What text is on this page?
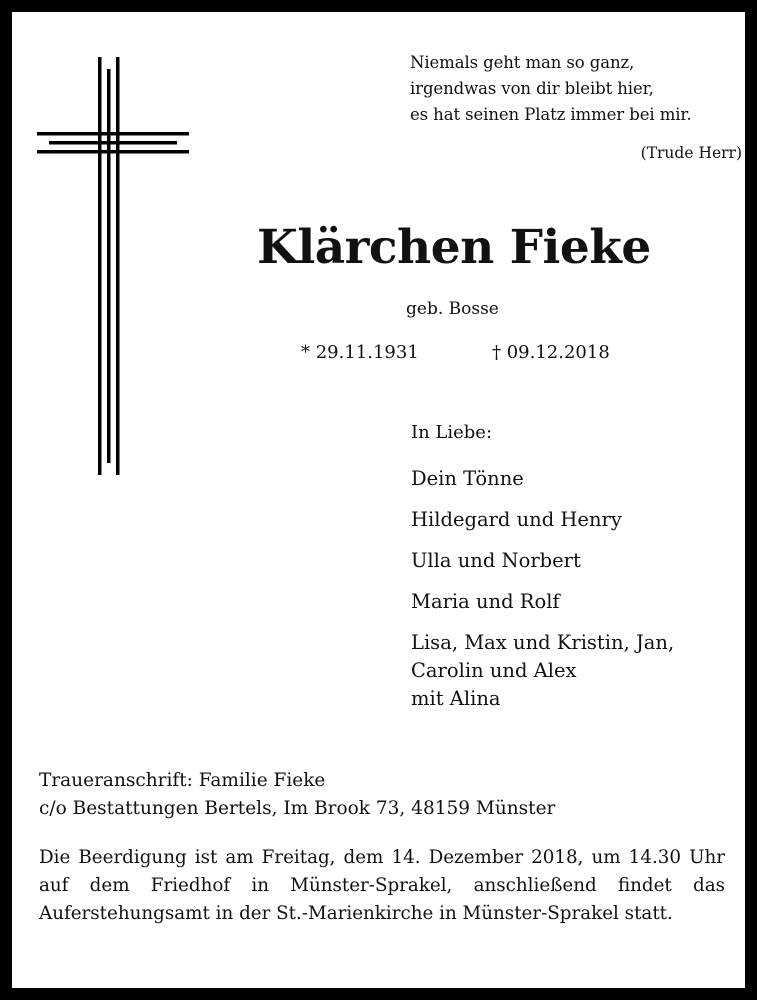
Niemals geht man so ganz,
irgendwas von dir bleibt hier,
es hat seinen Platz immer bei mir.
(Trude Herr)
Klärchen Fieke
geb. Bosse
* 29.11.1931	† 09.12.2018
In Liebe:
Dein Tönne
Hildegard und Henry
Ulla und Norbert
Maria und Rolf
Lisa, Max und Kristin, Jan,
Carolin und Alex
mit Alina
Traueranschrift: Familie Fieke
c/o Bestattungen Bertels, Im Brook 73, 48159 Münster
Die Beerdigung ist am Freitag, dem 14. Dezember 2018, um 14.30 Uhr auf dem Friedhof in Münster-Sprakel, anschließend findet das Auferstehungsamt in der St.-Marienkirche in Münster-Sprakel statt.
